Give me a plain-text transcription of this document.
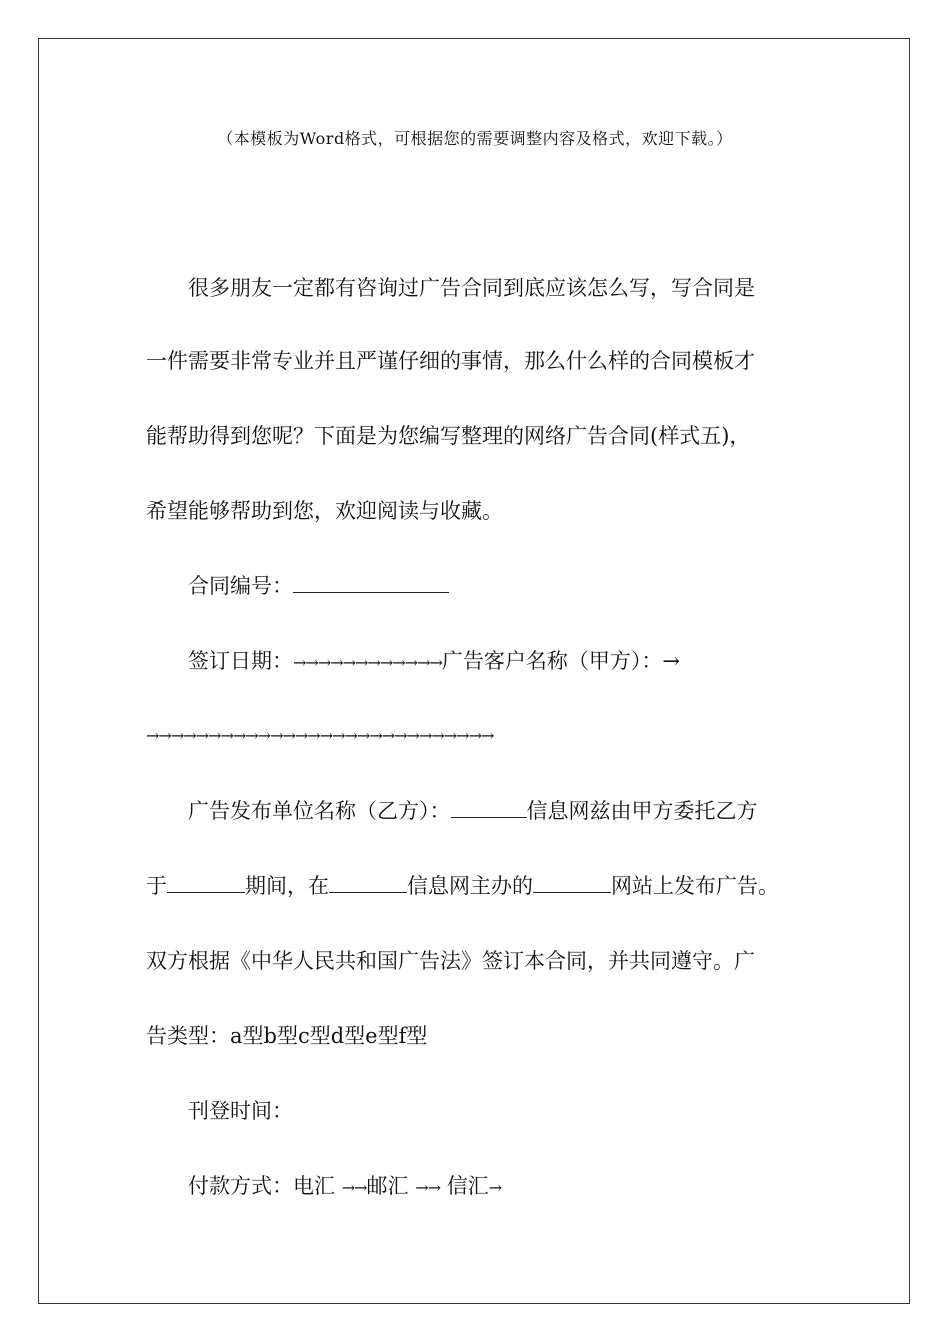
（本模板为Word格式，可根据您的需要调整内容及格式，欢迎下载。）
很多朋友一定都有咨询过广告合同到底应该怎么写，写合同是
一件需要非常专业并且严谨仔细的事情，那么什么样的合同模板才
能帮助得到您呢？下面是为您编写整理的网络广告合同(样式五)，
希望能够帮助到您，欢迎阅读与收藏。
合同编号：
签订日期：→→→→→→→→→→→→广告客户名称（甲方）：→
→→→→→→→→→→→→→→→→→→→→→→→→→→→→
广告发布单位名称（乙方）：	信息网兹由甲方委托乙方
于	期间，在	信息网主办的	网站上发布广告。
双方根据《中华人民共和国广告法》签订本合同，并共同遵守。广
告类型：a型b型c型d型e型f型
刊登时间：
付款方式：电汇 →→邮汇 →→ 信汇→
